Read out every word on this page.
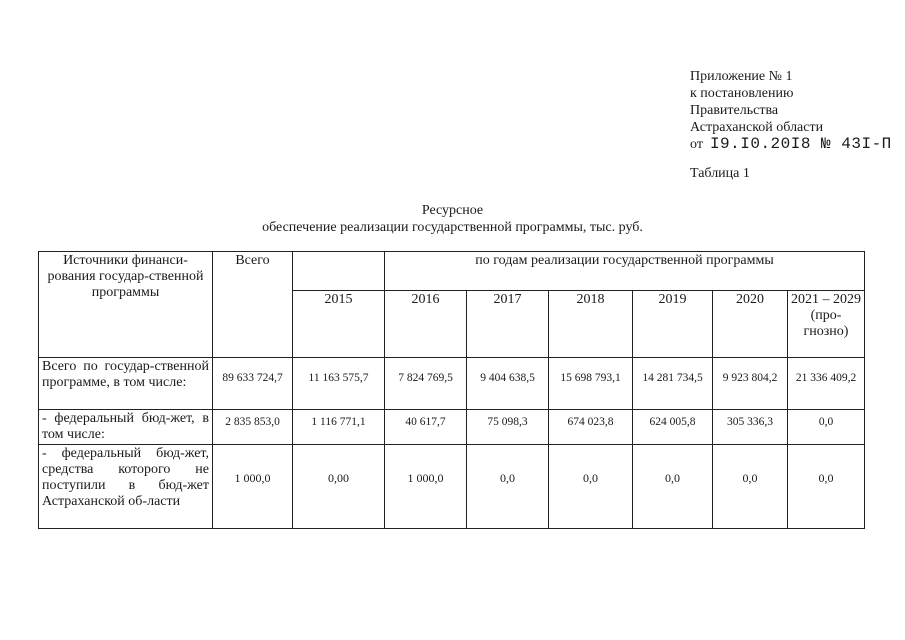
Приложение № 1
к постановлению
Правительства
Астраханской области
от I9.I0.20I8 № 43I-П
Таблица 1
Ресурсное
обеспечение реализации государственной программы, тыс. руб.
Источники финанси-рования государ-ственной программы	Всего		по годам реализации государственной программы					
		2015	2016	2017	2018	2019	2020	2021 – 2029 (про-гнозно)
Всего по государ-ственной программе, в том числе:	89 633 724,7	11 163 575,7	7 824 769,5	9 404 638,5	15 698 793,1	14 281 734,5	9 923 804,2	21 336 409,2
- федеральный бюд-жет, в том числе:	2 835 853,0	1 116 771,1	40 617,7	75 098,3	674 023,8	624 005,8	305 336,3	0,0
- федеральный бюд-жет, средства которого не поступили в бюд-жет Астраханской об-ласти	1 000,0	0,00	1 000,0	0,0	0,0	0,0	0,0	0,0
